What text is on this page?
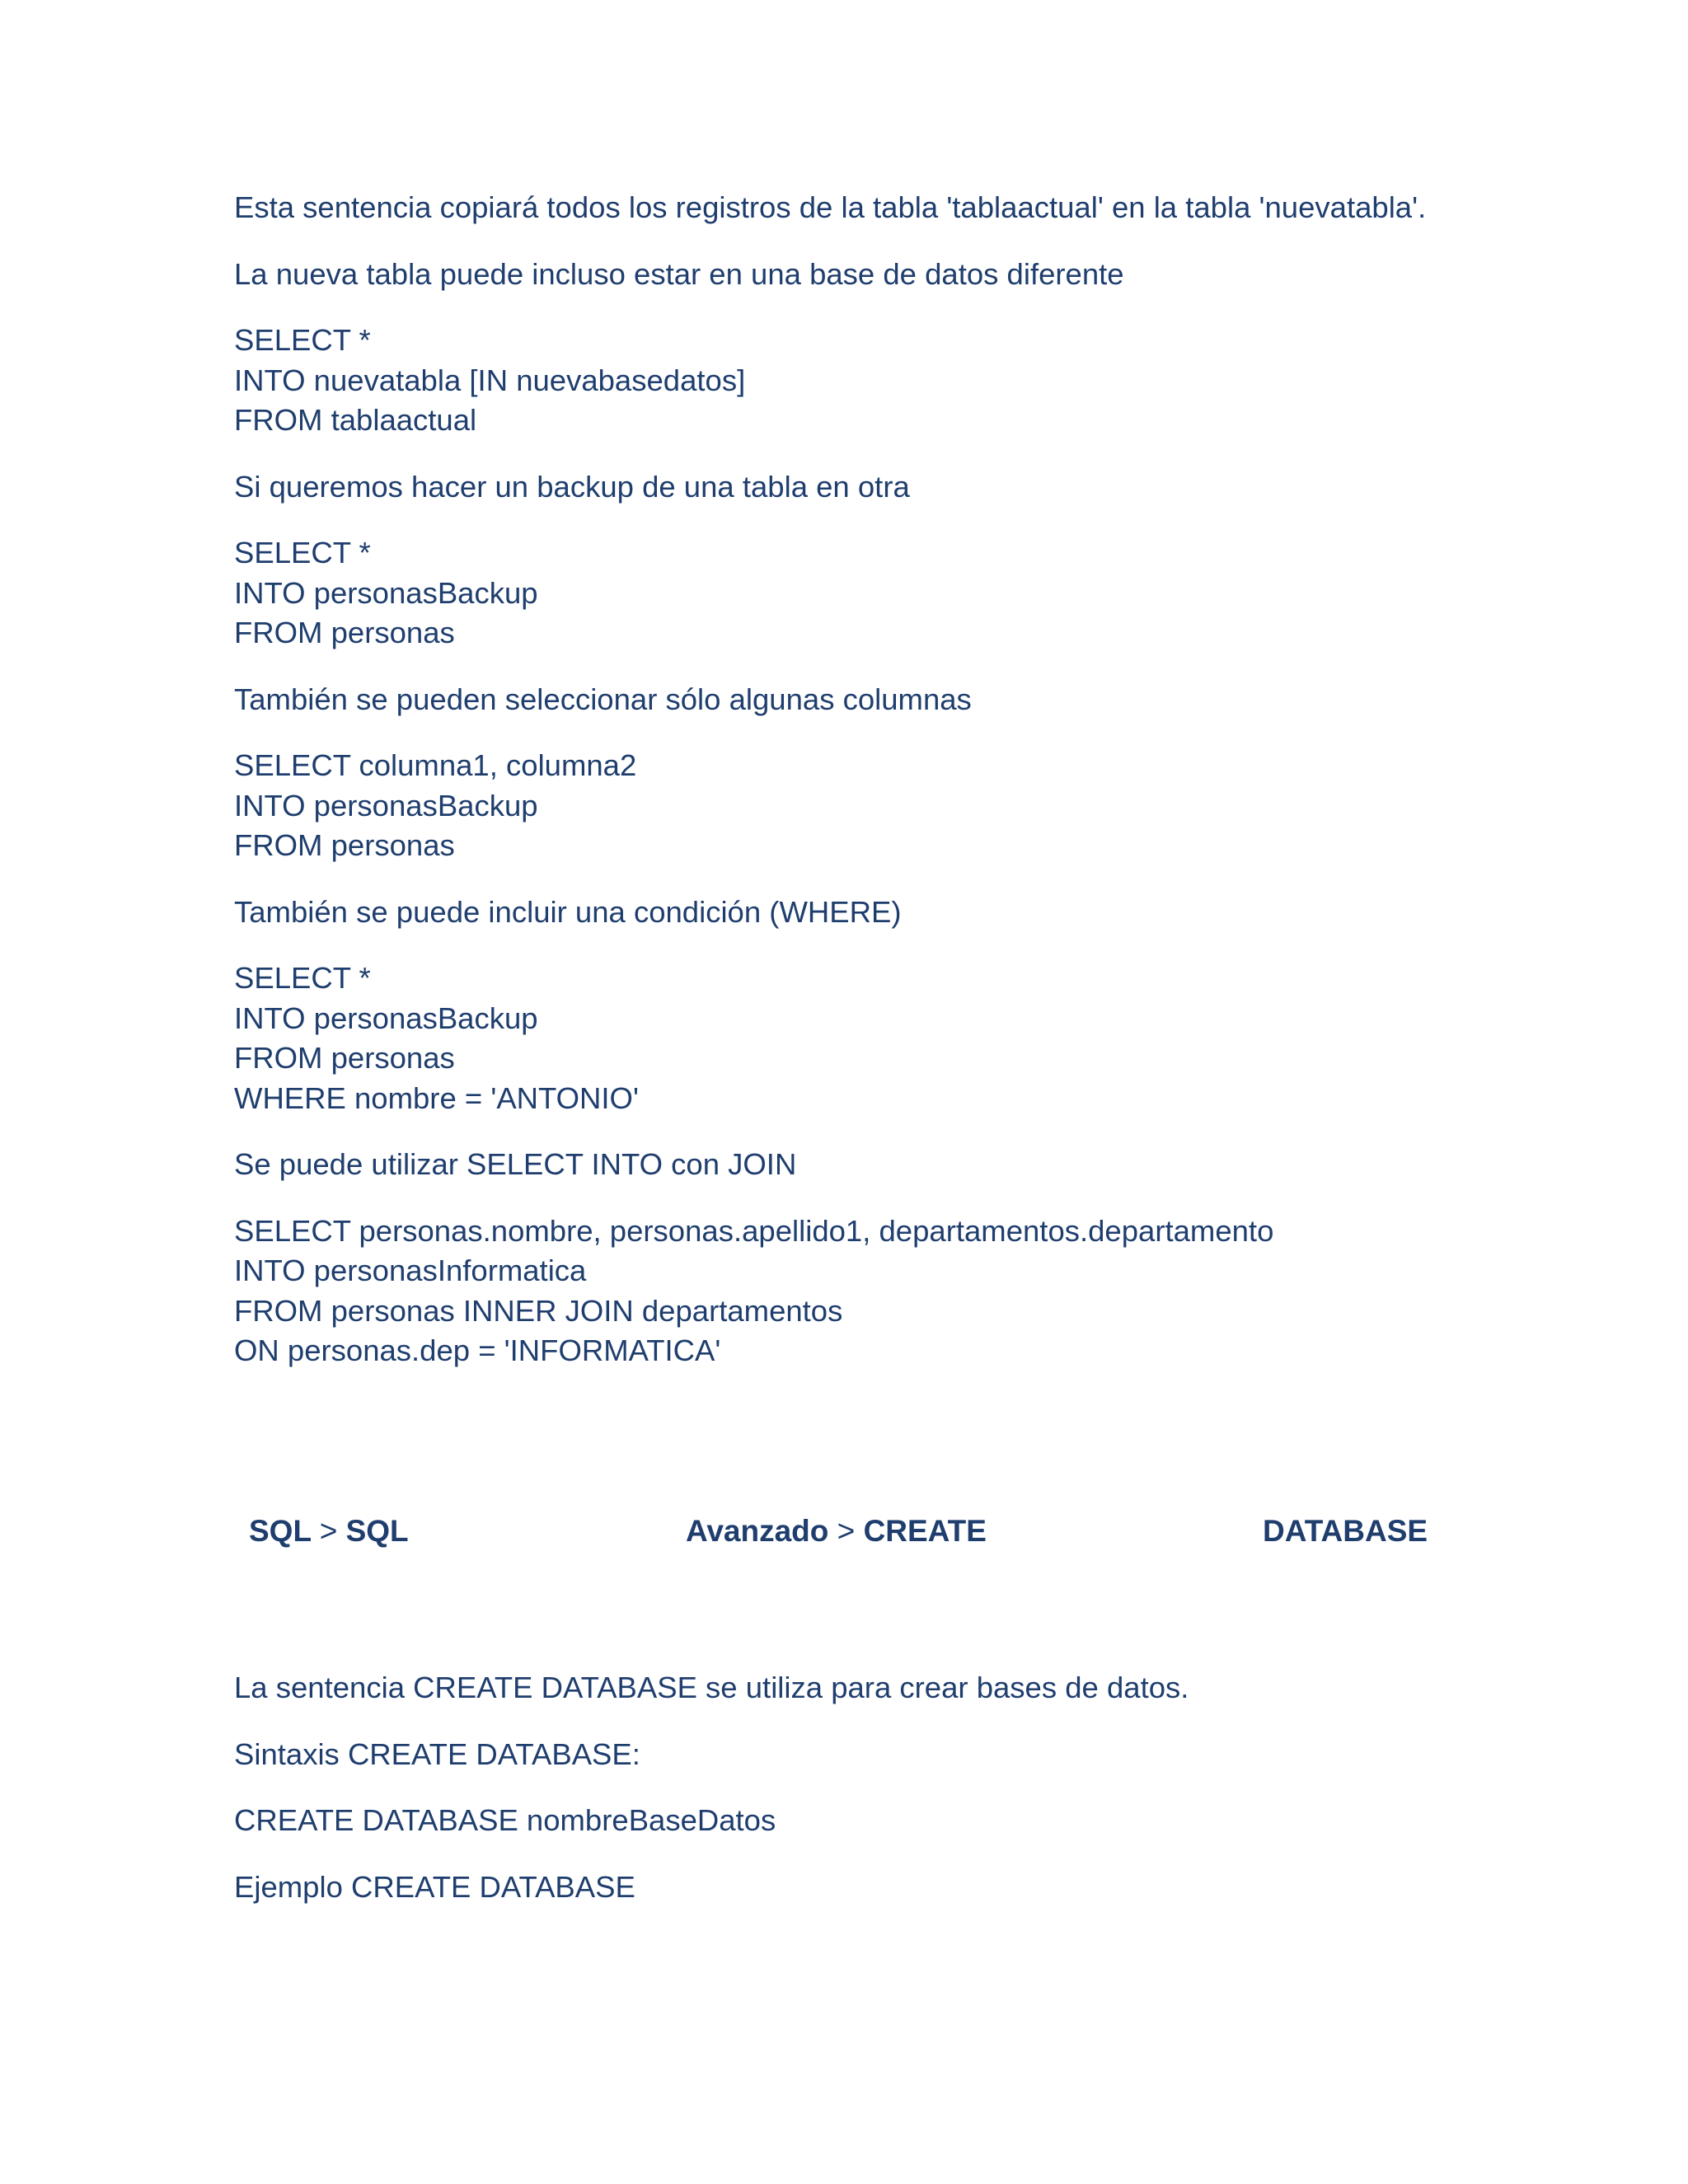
Esta sentencia copiará todos los registros de la tabla 'tablaactual' en la tabla 'nuevatabla'.

La nueva tabla puede incluso estar en una base de datos diferente

SELECT *
INTO nuevatabla [IN nuevabasedatos]
FROM tablaactual

Si queremos hacer un backup de una tabla en otra

SELECT *
INTO personasBackup
FROM personas

También se pueden seleccionar sólo algunas columnas

SELECT columna1, columna2
INTO personasBackup
FROM personas

También se puede incluir una condición (WHERE)

SELECT *
INTO personasBackup
FROM personas
WHERE nombre = 'ANTONIO'

Se puede utilizar SELECT INTO con JOIN

SELECT personas.nombre, personas.apellido1, departamentos.departamento
INTO personasInformatica
FROM personas INNER JOIN departamentos
ON personas.dep = 'INFORMATICA'
SQL > SQL	Avanzado > CREATE	DATABASE

La sentencia CREATE DATABASE se utiliza para crear bases de datos.

Sintaxis CREATE DATABASE:

CREATE DATABASE nombreBaseDatos

Ejemplo CREATE DATABASE
